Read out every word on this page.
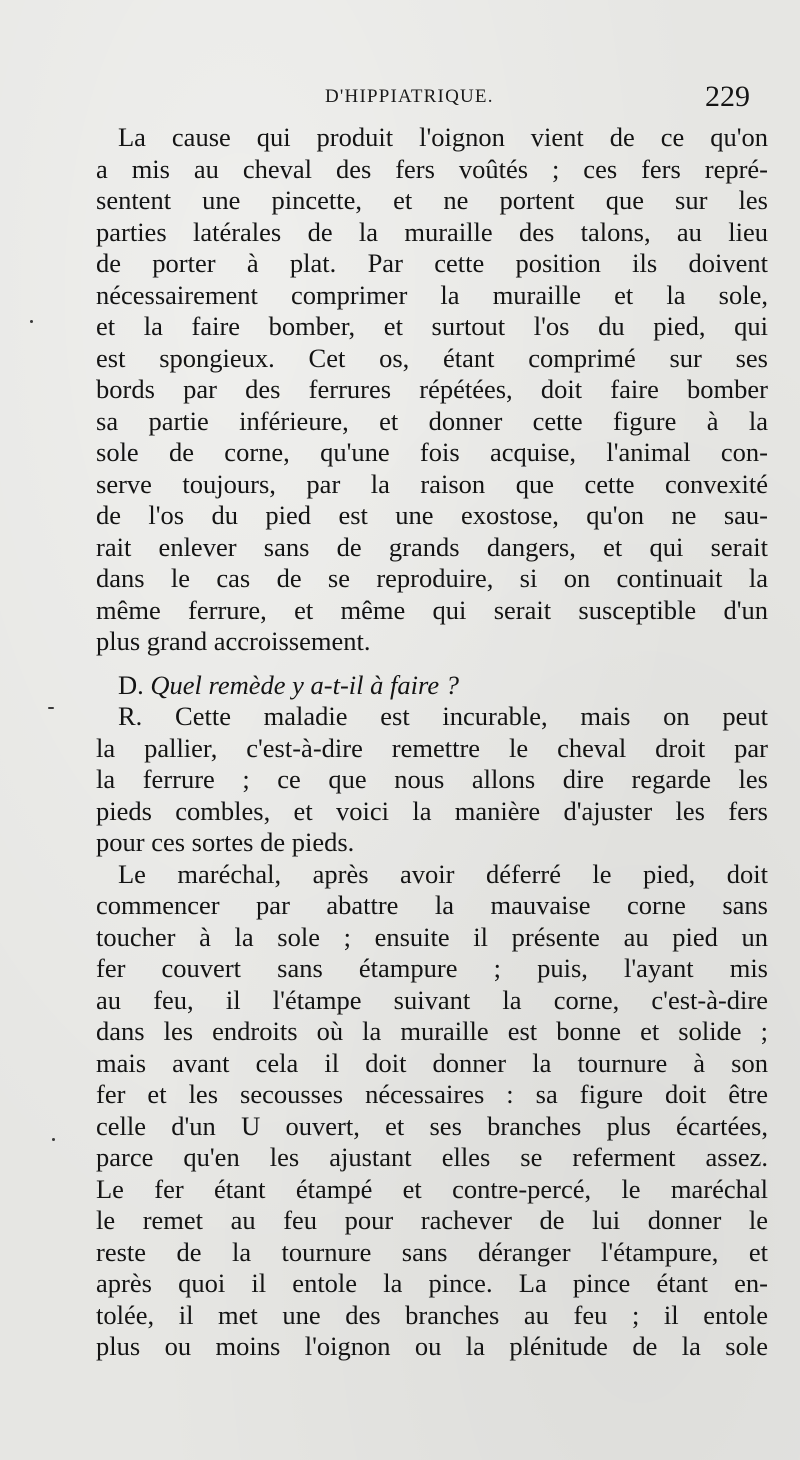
D'HIPPIATRIQUE.	229
La cause qui produit l'oignon vient de ce qu'on
a mis au cheval des fers voûtés ; ces fers repré-
sentent une pincette, et ne portent que sur les
parties latérales de la muraille des talons, au lieu
de porter à plat. Par cette position ils doivent
nécessairement comprimer la muraille et la sole,
et la faire bomber, et surtout l'os du pied, qui
est spongieux. Cet os, étant comprimé sur ses
bords par des ferrures répétées, doit faire bomber
sa partie inférieure, et donner cette figure à la
sole de corne, qu'une fois acquise, l'animal con-
serve toujours, par la raison que cette convexité
de l'os du pied est une exostose, qu'on ne sau-
rait enlever sans de grands dangers, et qui serait
dans le cas de se reproduire, si on continuait la
même ferrure, et même qui serait susceptible d'un
plus grand accroissement.
D. Quel remède y a-t-il à faire ?
R. Cette maladie est incurable, mais on peut
la pallier, c'est-à-dire remettre le cheval droit par
la ferrure ; ce que nous allons dire regarde les
pieds combles, et voici la manière d'ajuster les fers
pour ces sortes de pieds.
Le maréchal, après avoir déferré le pied, doit
commencer par abattre la mauvaise corne sans
toucher à la sole ; ensuite il présente au pied un
fer couvert sans étampure ; puis, l'ayant mis
au feu, il l'étampe suivant la corne, c'est-à-dire
dans les endroits où la muraille est bonne et solide ;
mais avant cela il doit donner la tournure à son
fer et les secousses nécessaires : sa figure doit être
celle d'un U ouvert, et ses branches plus écartées,
parce qu'en les ajustant elles se referment assez.
Le fer étant étampé et contre-percé, le maréchal
le remet au feu pour rachever de lui donner le
reste de la tournure sans déranger l'étampure, et
après quoi il entole la pince. La pince étant en-
tolée, il met une des branches au feu ; il entole
plus ou moins l'oignon ou la plénitude de la sole
